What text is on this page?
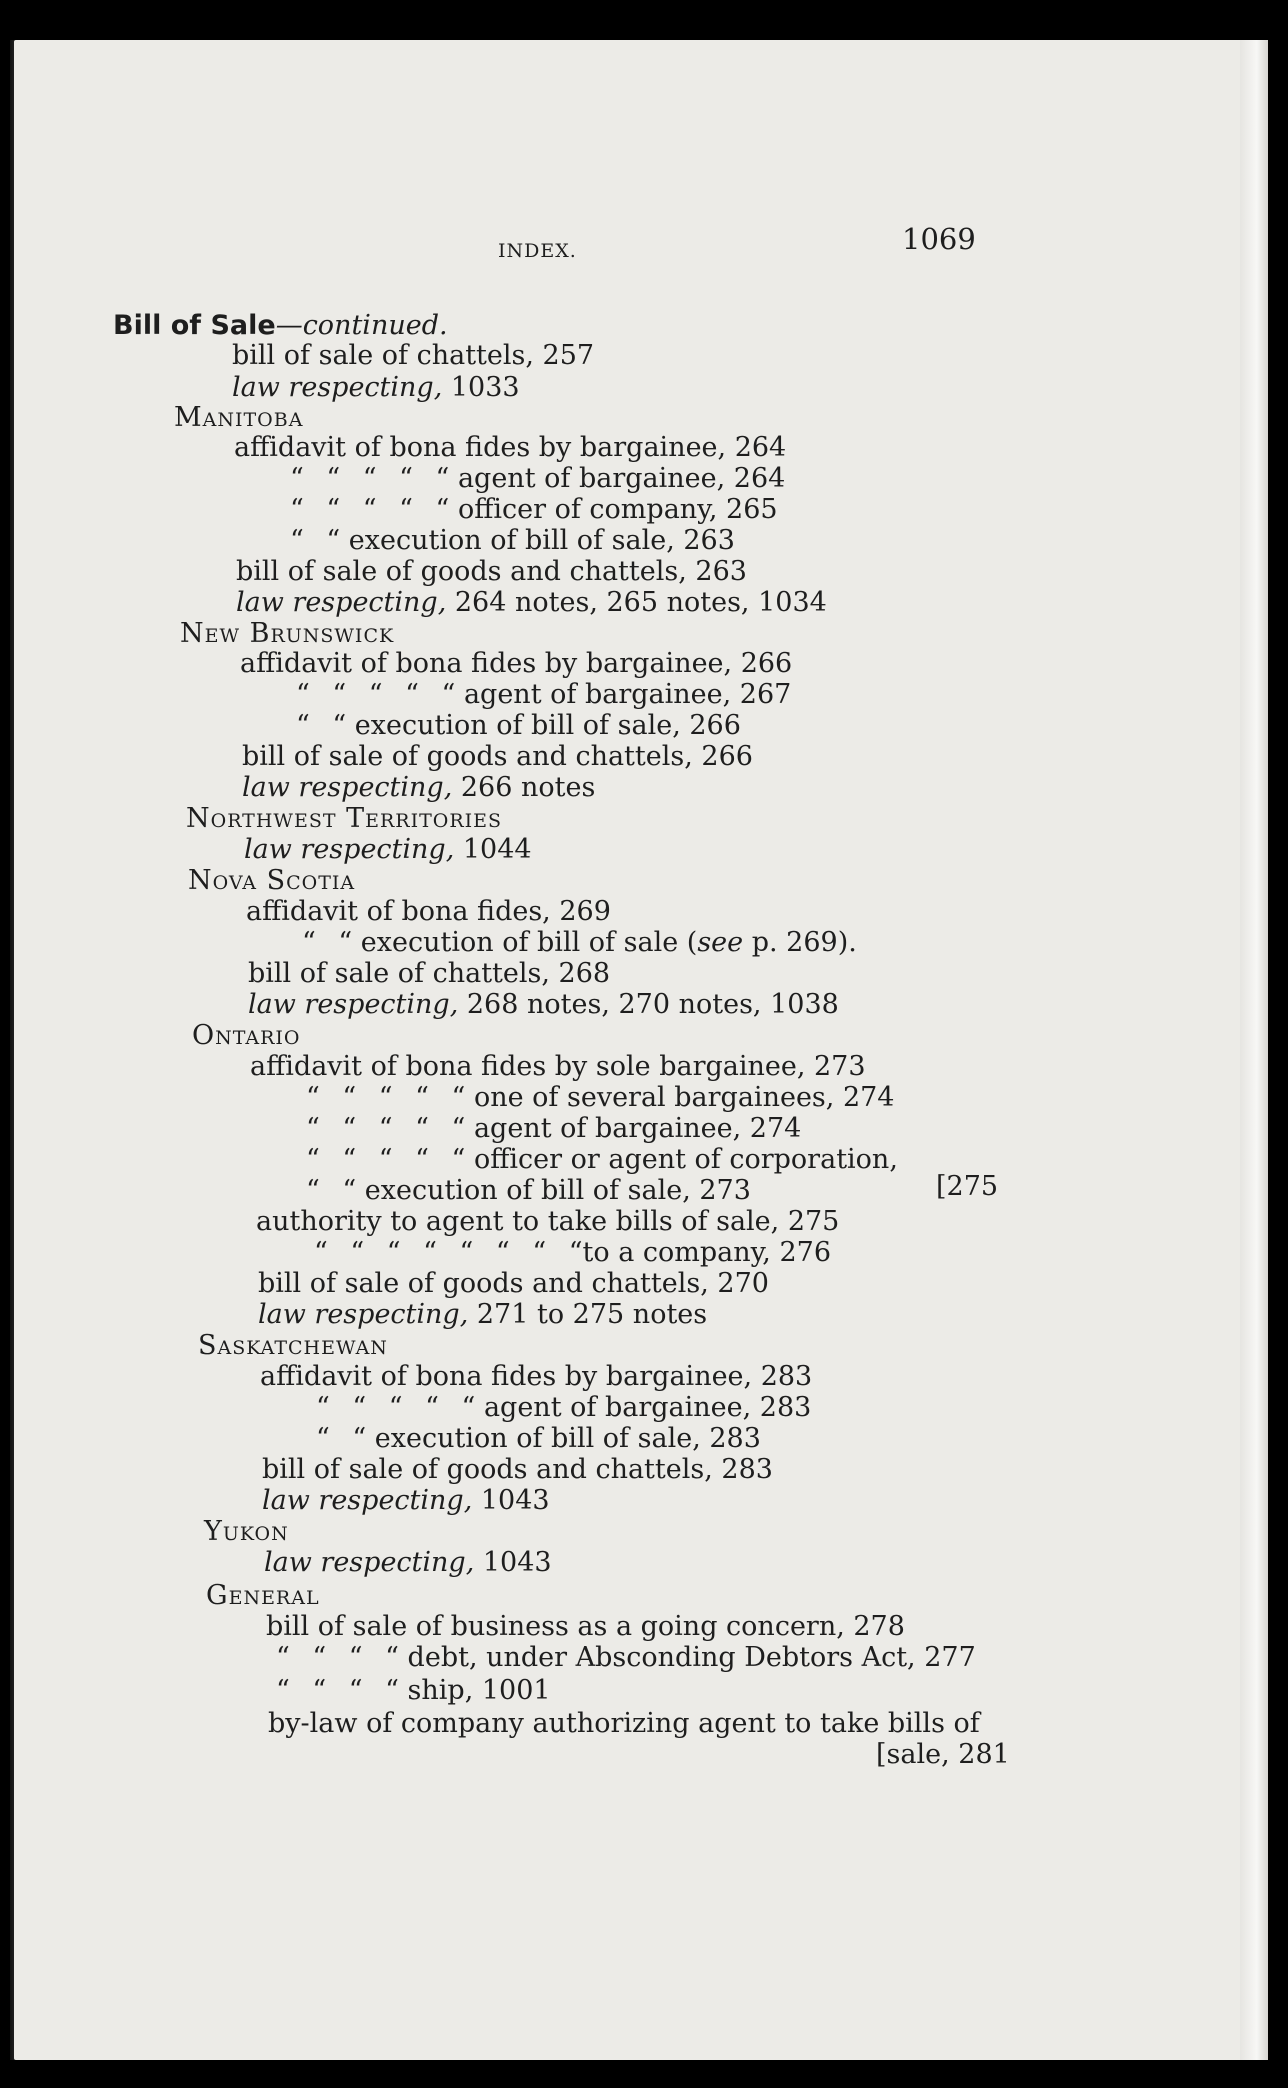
INDEX.	1069
Bill of Sale—continued.
bill of sale of chattels, 257
law respecting, 1033
Manitoba
affidavit of bona fides by bargainee, 264
“ “ “ “ “ agent of bargainee, 264
“ “ “ “ “ officer of company, 265
“ “ execution of bill of sale, 263
bill of sale of goods and chattels, 263
law respecting, 264 notes, 265 notes, 1034
New Brunswick
affidavit of bona fides by bargainee, 266
“ “ “ “ “ agent of bargainee, 267
“ “ execution of bill of sale, 266
bill of sale of goods and chattels, 266
law respecting, 266 notes
Northwest Territories
law respecting, 1044
Nova Scotia
affidavit of bona fides, 269
“ “ execution of bill of sale (see p. 269).
bill of sale of chattels, 268
law respecting, 268 notes, 270 notes, 1038
Ontario
affidavit of bona fides by sole bargainee, 273
“ “ “ “ “ one of several bargainees, 274
“ “ “ “ “ agent of bargainee, 274
“ “ “ “ “ officer or agent of corporation,
“ “ execution of bill of sale, 273	[275
authority to agent to take bills of sale, 275
“ “ “ “ “ “ “ “to a company, 276
bill of sale of goods and chattels, 270
law respecting, 271 to 275 notes
Saskatchewan
affidavit of bona fides by bargainee, 283
“ “ “ “ “ agent of bargainee, 283
“ “ execution of bill of sale, 283
bill of sale of goods and chattels, 283
law respecting, 1043
Yukon
law respecting, 1043
General
bill of sale of business as a going concern, 278
“ “ “ “ debt, under Absconding Debtors Act, 277
“ “ “ “ ship, 1001
by-law of company authorizing agent to take bills of
[sale, 281
